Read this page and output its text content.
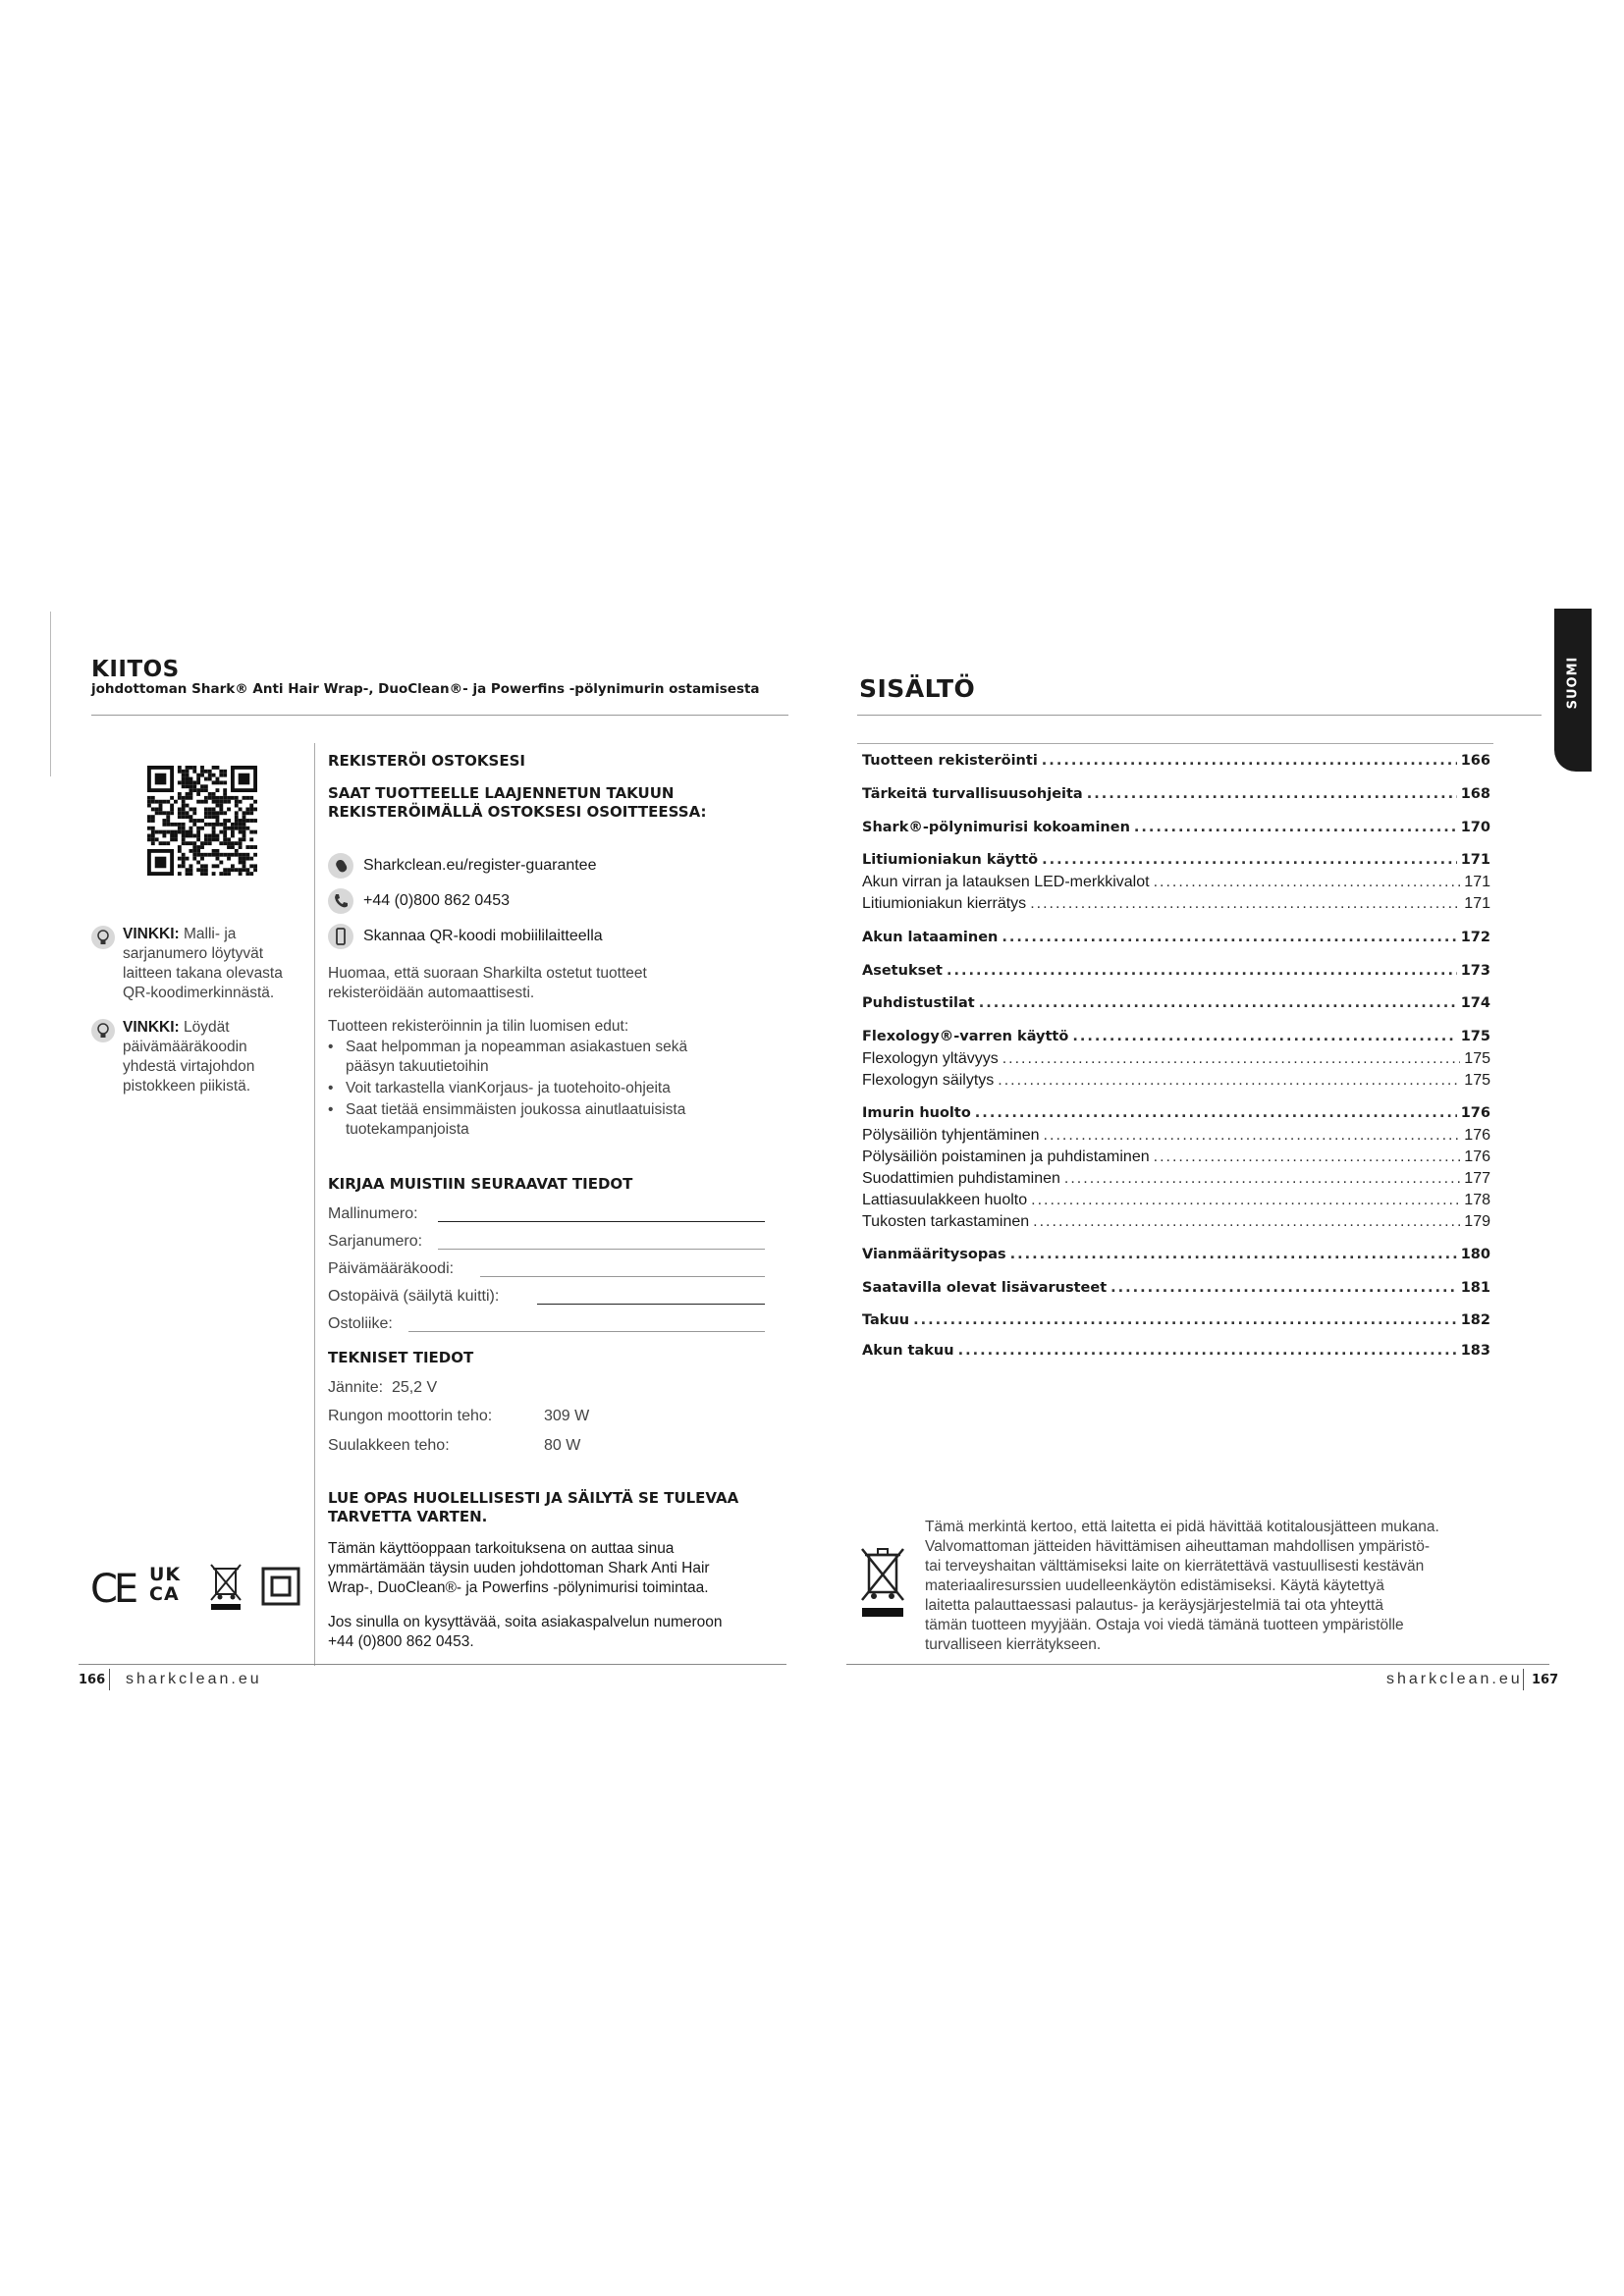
KIITOS
johdottoman Shark® Anti Hair Wrap-, DuoClean®- ja Powerfins -pölynimurin ostamisesta
VINKKI: Malli- ja
sarjanumero löytyvät
laitteen takana olevasta
QR-koodimerkinnästä.
VINKKI: Löydät
päivämääräkoodin
yhdestä virtajohdon
pistokkeen piikistä.
CE UK
CA
REKISTERÖI OSTOKSESI
SAAT TUOTTEELLE LAAJENNETUN TAKUUN
REKISTERÖIMÄLLÄ OSTOKSESI OSOITTEESSA:
Sharkclean.eu/register-guarantee
+44 (0)800 862 0453
Skannaa QR-koodi mobiililaitteella
Huomaa, että suoraan Sharkilta ostetut tuotteet
rekisteröidään automaattisesti.
Tuotteen rekisteröinnin ja tilin luomisen edut:
• Saat helpomman ja nopeamman asiakastuen sekä
pääsyn takuutietoihin
• Voit tarkastella vianKorjaus- ja tuotehoito-ohjeita
• Saat tietää ensimmäisten joukossa ainutlaatuisista
tuotekampanjoista
KIRJAA MUISTIIN SEURAAVAT TIEDOT
Mallinumero:
Sarjanumero:
Päivämääräkoodi:
Ostopäivä (säilytä kuitti):
Ostoliike:
TEKNISET TIEDOT
Jännite: 25,2 V
Rungon moottorin teho:	309 W
Suulakkeen teho:	80 W
LUE OPAS HUOLELLISESTI JA SÄILYTÄ SE TULEVAA
TARVETTA VARTEN.
Tämän käyttöoppaan tarkoituksena on auttaa sinua
ymmärtämään täysin uuden johdottoman Shark Anti Hair
Wrap-, DuoClean®- ja Powerfins -pölynimurisi toimintaa.
Jos sinulla on kysyttävää, soita asiakaspalvelun numeroon
+44 (0)800 862 0453.
166 sharkclean.eu
SUOMI
SISÄLTÖ
Tuotteen rekisteröinti .....	166
Tärkeitä turvallisuusohjeita .....	168
Shark®-pölynimurisi kokoaminen .....	170
Litiumioniakun käyttö .....	171
Akun virran ja latauksen LED-merkkivalot .....	171
Litiumioniakun kierrätys .....	171
Akun lataaminen .....	172
Asetukset .....	173
Puhdistustilat .....	174
Flexology®-varren käyttö .....	175
Flexologyn yltävyys .....	175
Flexologyn säilytys .....	175
Imurin huolto .....	176
Pölysäiliön tyhjentäminen .....	176
Pölysäiliön poistaminen ja puhdistaminen .....	176
Suodattimien puhdistaminen .....	177
Lattiasuulakkeen huolto .....	178
Tukosten tarkastaminen .....	179
Vianmääritysopas .....	180
Saatavilla olevat lisävarusteet .....	181
Takuu .....	182
Akun takuu .....	183
Tämä merkintä kertoo, että laitetta ei pidä hävittää kotitalousjätteen mukana.
Valvomattoman jätteiden hävittämisen aiheuttaman mahdollisen ympäristö-
tai terveyshaitan välttämiseksi laite on kierrätettävä vastuullisesti kestävän
materiaaliresurssien uudelleenkäytön edistämiseksi. Käytä käytettyä
laitetta palauttaessasi palautus- ja keräysjärjestelmiä tai ota yhteyttä
tämän tuotteen myyjään. Ostaja voi viedä tämänä tuotteen ympäristölle
turvalliseen kierrätykseen.
sharkclean.eu 167
